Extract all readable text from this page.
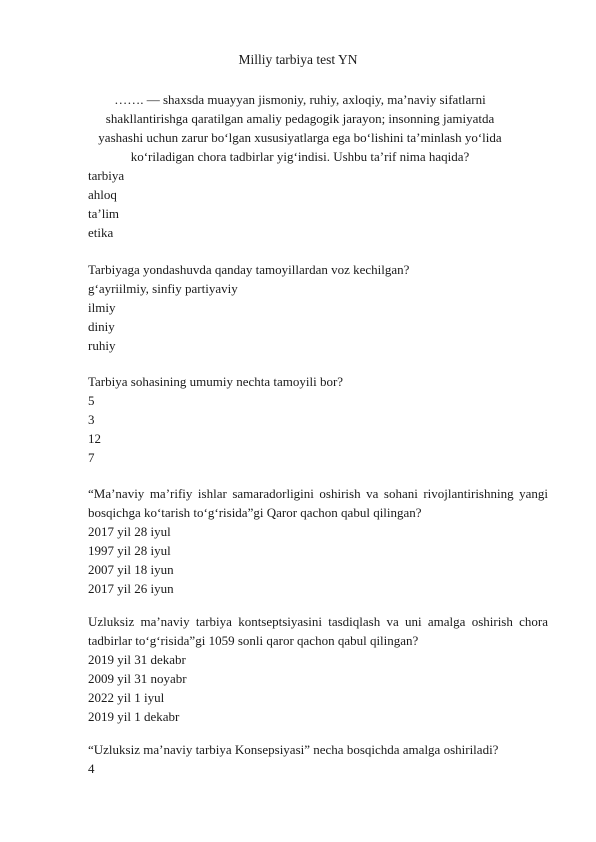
Milliy tarbiya test YN
……. — shaxsda muayyan jismoniy, ruhiy, axloqiy, ma’naviy sifatlarni shakllantirishga qaratilgan amaliy pedagogik jarayon; insonning jamiyatda yashashi uchun zarur bo‘lgan xususiyatlarga ega bo‘lishini ta’minlash yo‘lida ko‘riladigan chora tadbirlar yig‘indisi. Ushbu ta’rif nima haqida?
tarbiya
ahloq
ta’lim
etika
Tarbiyaga yondashuvda qanday tamoyillardan voz kechilgan?
g‘ayriilmiy, sinfiy partiyaviy
ilmiy
diniy
ruhiy
Tarbiya sohasining umumiy nechta tamoyili bor?
5
3
12
7
“Ma’naviy ma’rifiy ishlar samaradorligini oshirish va sohani rivojlantirishning yangi bosqichga ko‘tarish to‘g‘risida”gi Qaror qachon qabul qilingan?
2017 yil 28 iyul
1997 yil 28 iyul
2007 yil 18 iyun
2017 yil 26 iyun
Uzluksiz ma’naviy tarbiya kontseptsiyasini tasdiqlash va uni amalga oshirish chora tadbirlar to‘g‘risida”gi 1059 sonli qaror qachon qabul qilingan?
2019 yil 31 dekabr
2009 yil 31 noyabr
2022 yil 1 iyul
2019 yil 1 dekabr
“Uzluksiz ma’naviy tarbiya Konsepsiyasi” necha bosqichda amalga oshiriladi?
4
